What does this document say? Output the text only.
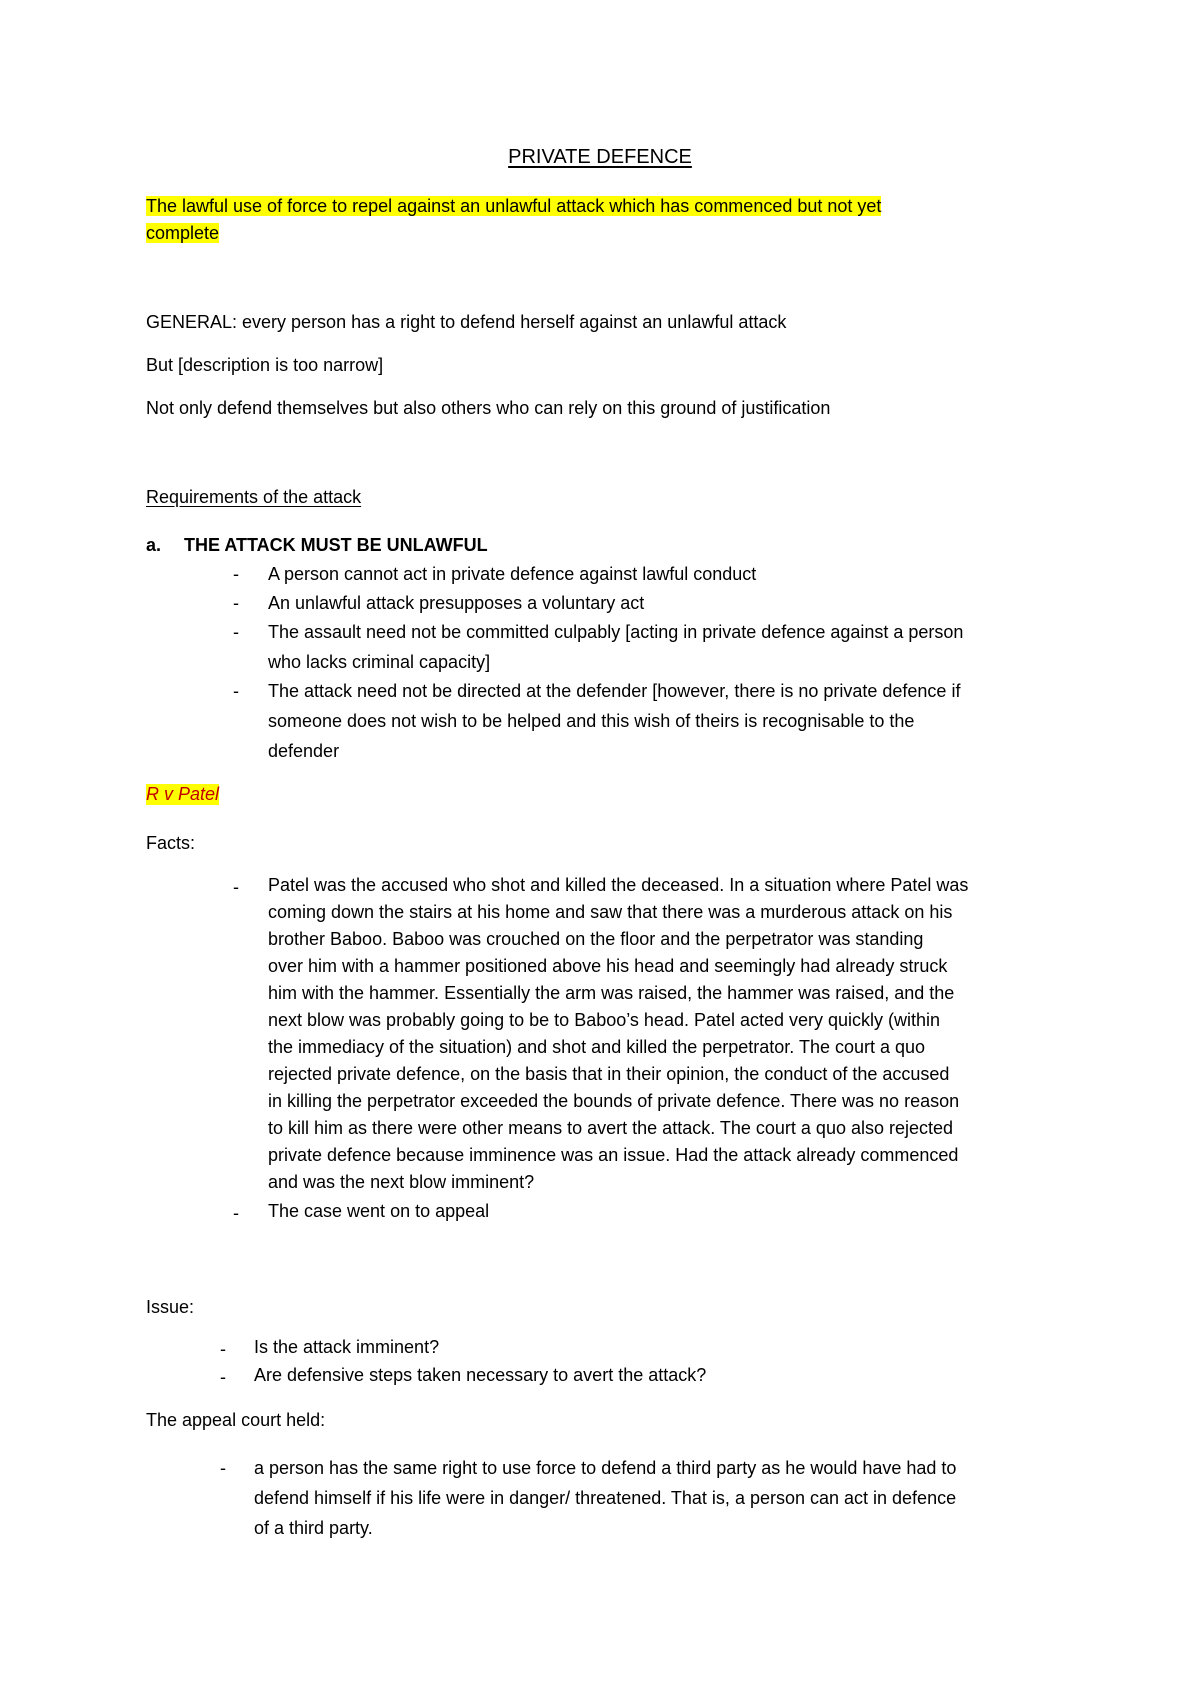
PRIVATE DEFENCE
The lawful use of force to repel against an unlawful attack which has commenced but not yet
complete
GENERAL: every person has a right to defend herself against an unlawful attack
But [description is too narrow]
Not only defend themselves but also others who can rely on this ground of justification
Requirements of the attack
a. THE ATTACK MUST BE UNLAWFUL
- A person cannot act in private defence against lawful conduct
- An unlawful attack presupposes a voluntary act
- The assault need not be committed culpably [acting in private defence against a person
who lacks criminal capacity]
- The attack need not be directed at the defender [however, there is no private defence if
someone does not wish to be helped and this wish of theirs is recognisable to the
defender
R v Patel
Facts:
- Patel was the accused who shot and killed the deceased. In a situation where Patel was
coming down the stairs at his home and saw that there was a murderous attack on his
brother Baboo. Baboo was crouched on the floor and the perpetrator was standing
over him with a hammer positioned above his head and seemingly had already struck
him with the hammer. Essentially the arm was raised, the hammer was raised, and the
next blow was probably going to be to Baboo’s head. Patel acted very quickly (within
the immediacy of the situation) and shot and killed the perpetrator. The court a quo
rejected private defence, on the basis that in their opinion, the conduct of the accused
in killing the perpetrator exceeded the bounds of private defence. There was no reason
to kill him as there were other means to avert the attack. The court a quo also rejected
private defence because imminence was an issue. Had the attack already commenced
and was the next blow imminent?
- The case went on to appeal
Issue:
- Is the attack imminent?
- Are defensive steps taken necessary to avert the attack?
The appeal court held:
- a person has the same right to use force to defend a third party as he would have had to
defend himself if his life were in danger/ threatened. That is, a person can act in defence
of a third party.
